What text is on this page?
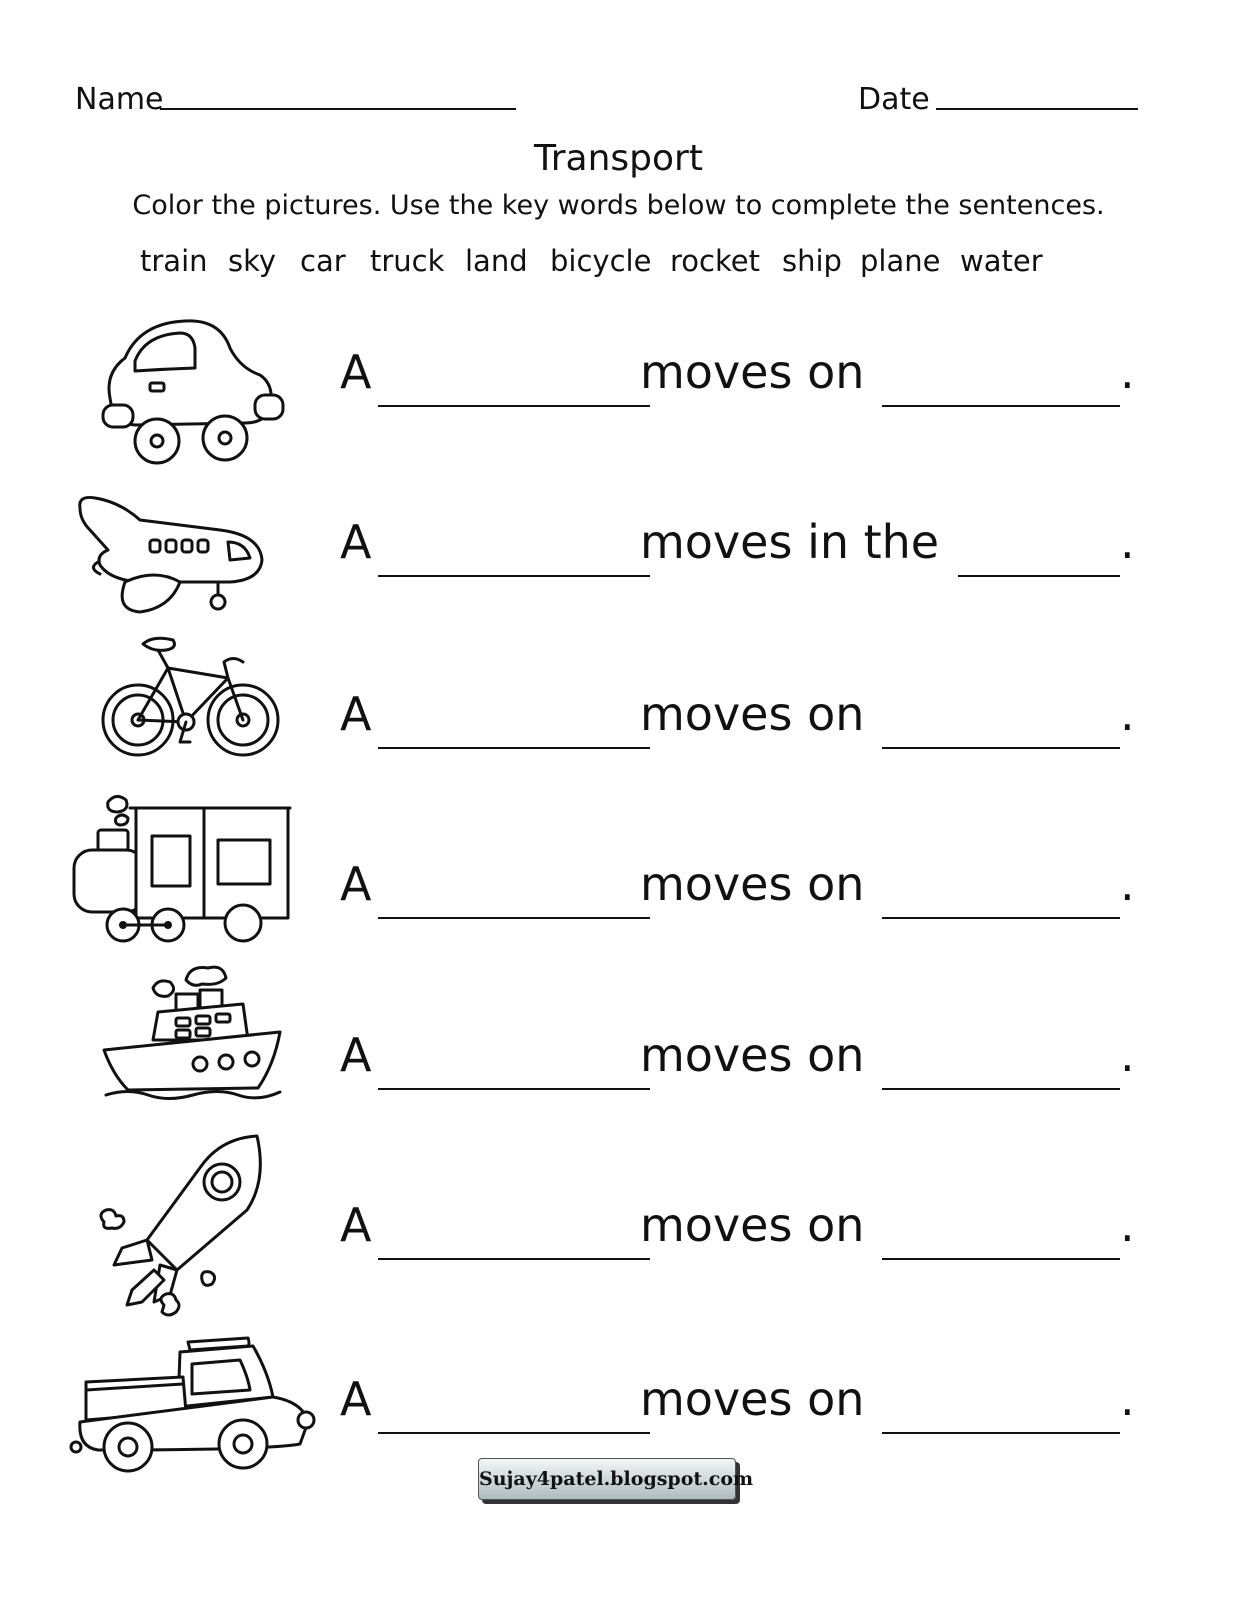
Name	Date
Transport
Color the pictures. Use the key words below to complete the sentences.
train sky car truck land bicycle rocket ship plane water
A	moves on	.
A	moves in the	.
A	moves on	.
A	moves on	.
A	moves on	.
A	moves on	.
A	moves on	.
Sujay4patel.blogspot.com
